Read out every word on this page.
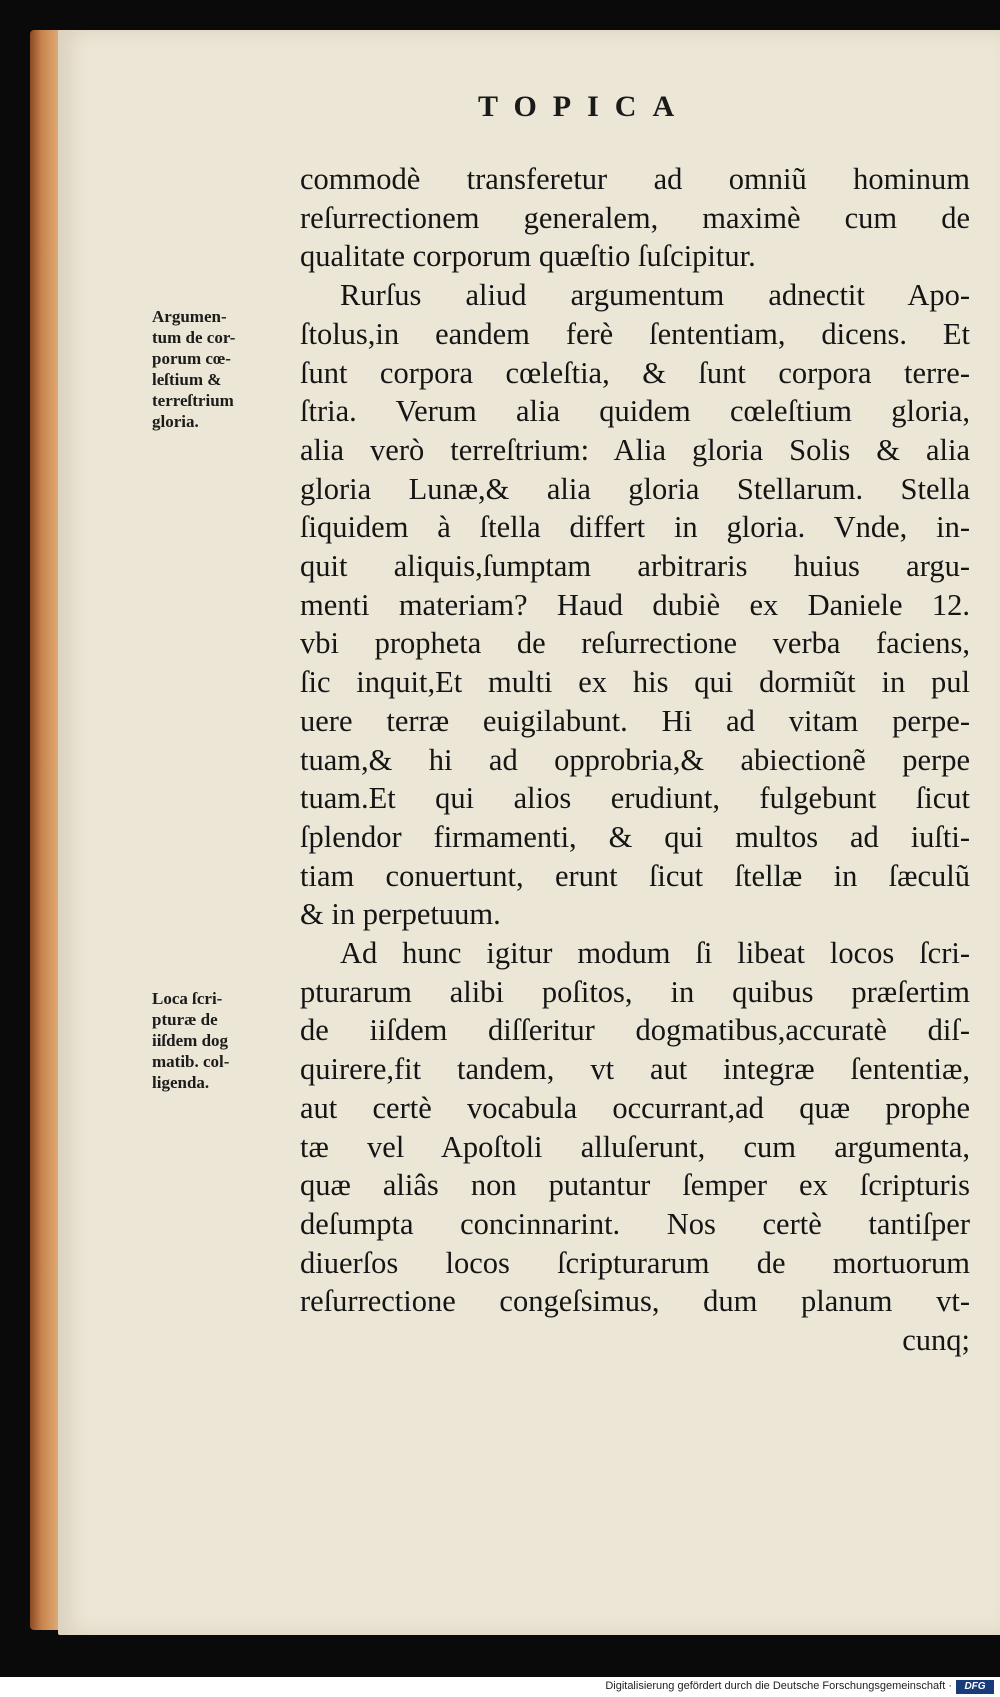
TOPICA
commodè transferetur ad omniũ hominum
reſurrectionem generalem, maximè cum de
qualitate corporum quæſtio ſuſcipitur.
Rurſus aliud argumentum adnectit Apo-
ſtolus,in eandem ferè ſententiam, dicens. Et
ſunt corpora cœleſtia, & ſunt corpora terre-
ſtria. Verum alia quidem cœleſtium gloria,
alia verò terreſtrium: Alia gloria Solis & alia
gloria Lunæ,& alia gloria Stellarum. Stella
ſiquidem à ſtella differt in gloria. Vnde, in-
quit aliquis,ſumptam arbitraris huius argu-
menti materiam? Haud dubiè ex Daniele 12.
vbi propheta de reſurrectione verba faciens,
ſic inquit,Et multi ex his qui dormiũt in pul
uere terræ euigilabunt. Hi ad vitam perpe-
tuam,& hi ad opprobria,& abiectionẽ perpe
tuam.Et qui alios erudiunt, fulgebunt ſicut
ſplendor firmamenti, & qui multos ad iuſti-
tiam conuertunt, erunt ſicut ſtellæ in ſæculũ
& in perpetuum.
Ad hunc igitur modum ſi libeat locos ſcri-
pturarum alibi poſitos, in quibus præſertim
de iiſdem diſſeritur dogmatibus,accuratè diſ-
quirere,fit tandem, vt aut integræ ſententiæ,
aut certè vocabula occurrant,ad quæ prophe
tæ vel Apoſtoli alluſerunt, cum argumenta,
quæ aliâs non putantur ſemper ex ſcripturis
deſumpta concinnarint. Nos certè tantiſper
diuerſos locos ſcripturarum de mortuorum
reſurrectione congeſsimus, dum planum vt-
cunq;
Argumen-
tum de cor-
porum cœ-
leſtium &
terreſtrium
gloria.
Loca ſcri-
pturæ de
iiſdem dog
matib. col-
ligenda.
Digitalisierung gefördert durch die Deutsche Forschungsgemeinschaft ·	DFG
